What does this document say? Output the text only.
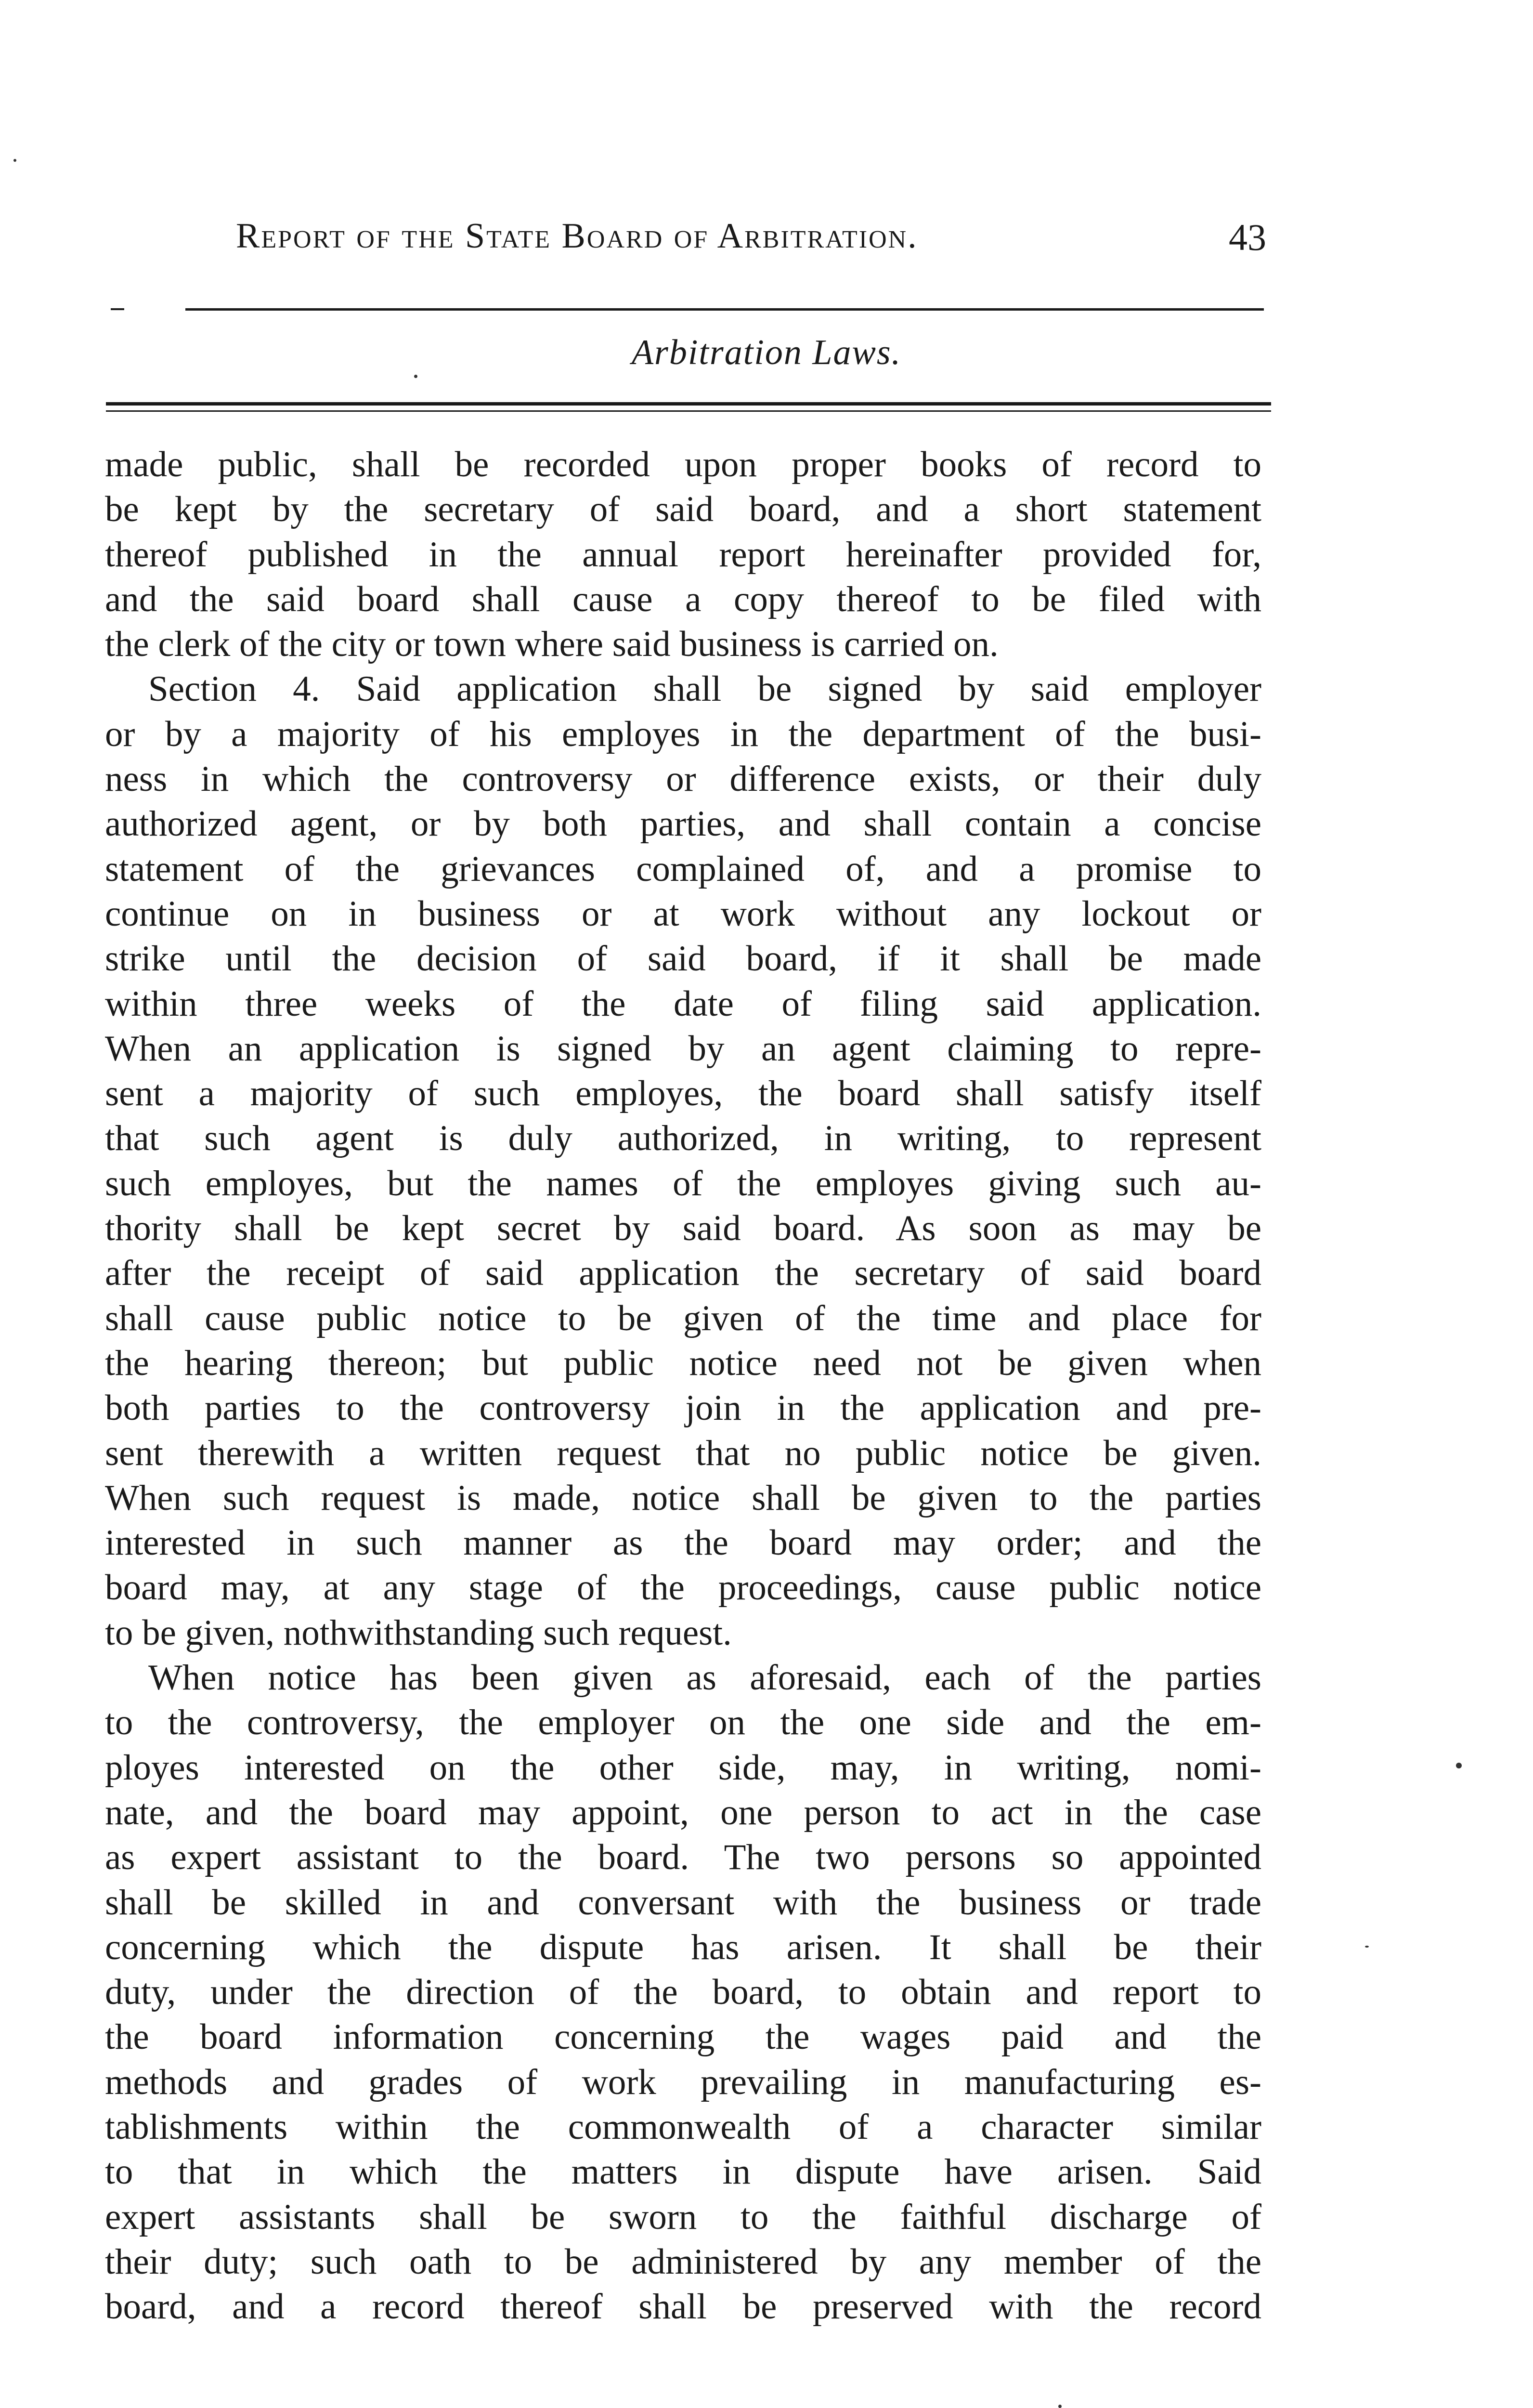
Report of the State Board of Arbitration.	43
Arbitration Laws.
made public, shall be recorded upon proper books of record to
be kept by the secretary of said board, and a short statement
thereof published in the annual report hereinafter provided for,
and the said board shall cause a copy thereof to be filed with
the clerk of the city or town where said business is carried on.
Section 4. Said application shall be signed by said employer
or by a majority of his employes in the department of the busi-
ness in which the controversy or difference exists, or their duly
authorized agent, or by both parties, and shall contain a concise
statement of the grievances complained of, and a promise to
continue on in business or at work without any lockout or
strike until the decision of said board, if it shall be made
within three weeks of the date of filing said application.
When an application is signed by an agent claiming to repre-
sent a majority of such employes, the board shall satisfy itself
that such agent is duly authorized, in writing, to represent
such employes, but the names of the employes giving such au-
thority shall be kept secret by said board. As soon as may be
after the receipt of said application the secretary of said board
shall cause public notice to be given of the time and place for
the hearing thereon; but public notice need not be given when
both parties to the controversy join in the application and pre-
sent therewith a written request that no public notice be given.
When such request is made, notice shall be given to the parties
interested in such manner as the board may order; and the
board may, at any stage of the proceedings, cause public notice
to be given, nothwithstanding such request.
When notice has been given as aforesaid, each of the parties
to the controversy, the employer on the one side and the em-
ployes interested on the other side, may, in writing, nomi-
nate, and the board may appoint, one person to act in the case
as expert assistant to the board. The two persons so appointed
shall be skilled in and conversant with the business or trade
concerning which the dispute has arisen. It shall be their
duty, under the direction of the board, to obtain and report to
the board information concerning the wages paid and the
methods and grades of work prevailing in manufacturing es-
tablishments within the commonwealth of a character similar
to that in which the matters in dispute have arisen. Said
expert assistants shall be sworn to the faithful discharge of
their duty; such oath to be administered by any member of the
board, and a record thereof shall be preserved with the record
